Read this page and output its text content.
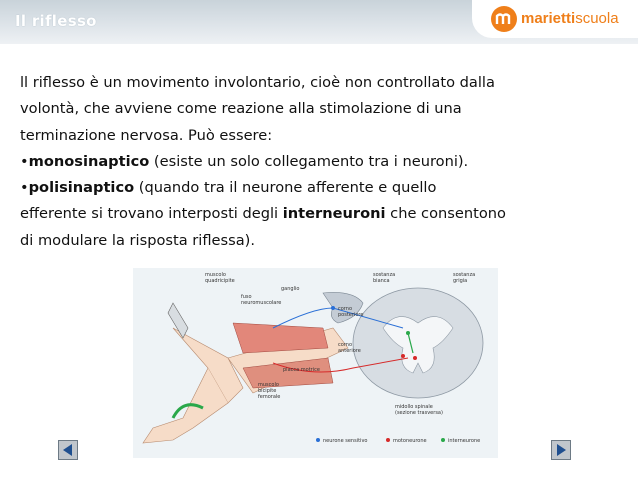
Il riflesso	mariettiscuola

ll riflesso è un movimento involontario, cioè non controllato dalla

volontà, che avviene come reazione alla stimolazione di una

terminazione nervosa. Può essere:

•monosinaptico (esiste un solo collegamento tra i neuroni).

•polisinaptico (quando tra il neurone afferente e quello

efferente si trovano interposti degli interneuroni che consentono

di modulare la risposta riflessa).

muscolo
quadricipite
ganglio
sostanza
bianca
sostanza
grigia
fuso
neuromuscolare
corno
posteriore
corno
anteriore
placca motrice
muscolo
bicipite
femorale
midollo spinale
(sezione trasversa)
neurone sensitivo	motoneurone	interneurone
